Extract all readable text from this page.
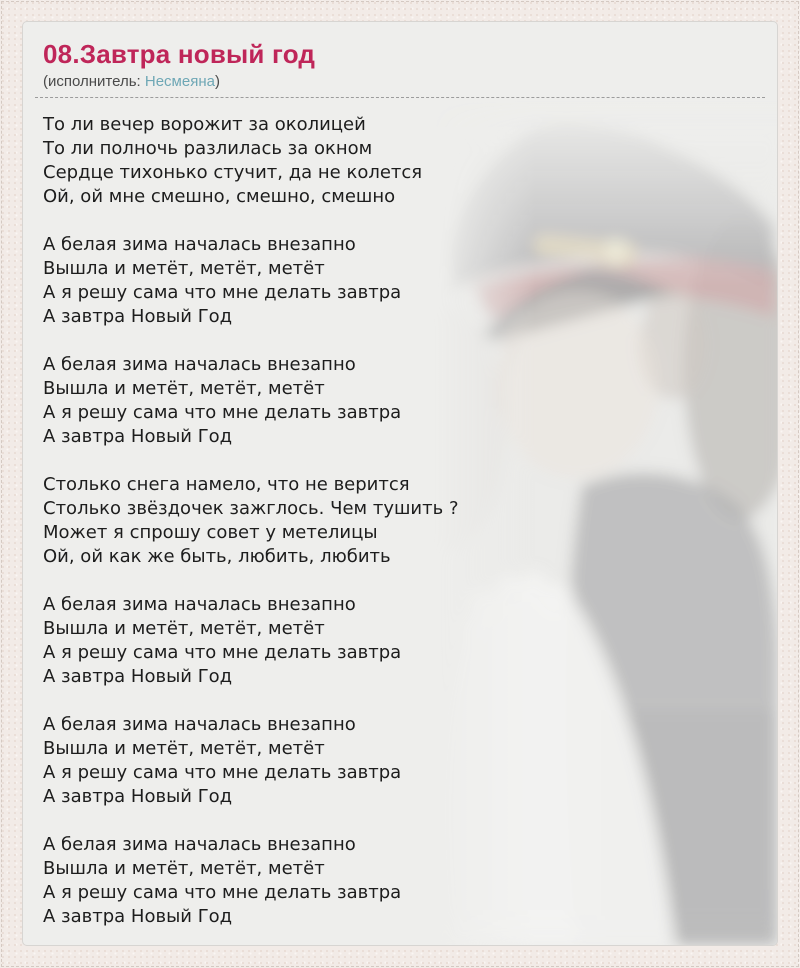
08.Завтра новый год
(исполнитель: Несмеяна)

То ли вечер ворожит за околицей
То ли полночь разлилась за окном
Сердце тихонько стучит, да не колется
Ой, ой мне смешно, смешно, смешно

А белая зима началась внезапно
Вышла и метёт, метёт, метёт
А я решу сама что мне делать завтра
А завтра Новый Год

А белая зима началась внезапно
Вышла и метёт, метёт, метёт
А я решу сама что мне делать завтра
А завтра Новый Год

Столько снега намело, что не верится
Столько звёздочек зажглось. Чем тушить ?
Может я спрошу совет у метелицы
Ой, ой как же быть, любить, любить

А белая зима началась внезапно
Вышла и метёт, метёт, метёт
А я решу сама что мне делать завтра
А завтра Новый Год

А белая зима началась внезапно
Вышла и метёт, метёт, метёт
А я решу сама что мне делать завтра
А завтра Новый Год

А белая зима началась внезапно
Вышла и метёт, метёт, метёт
А я решу сама что мне делать завтра
А завтра Новый Год
